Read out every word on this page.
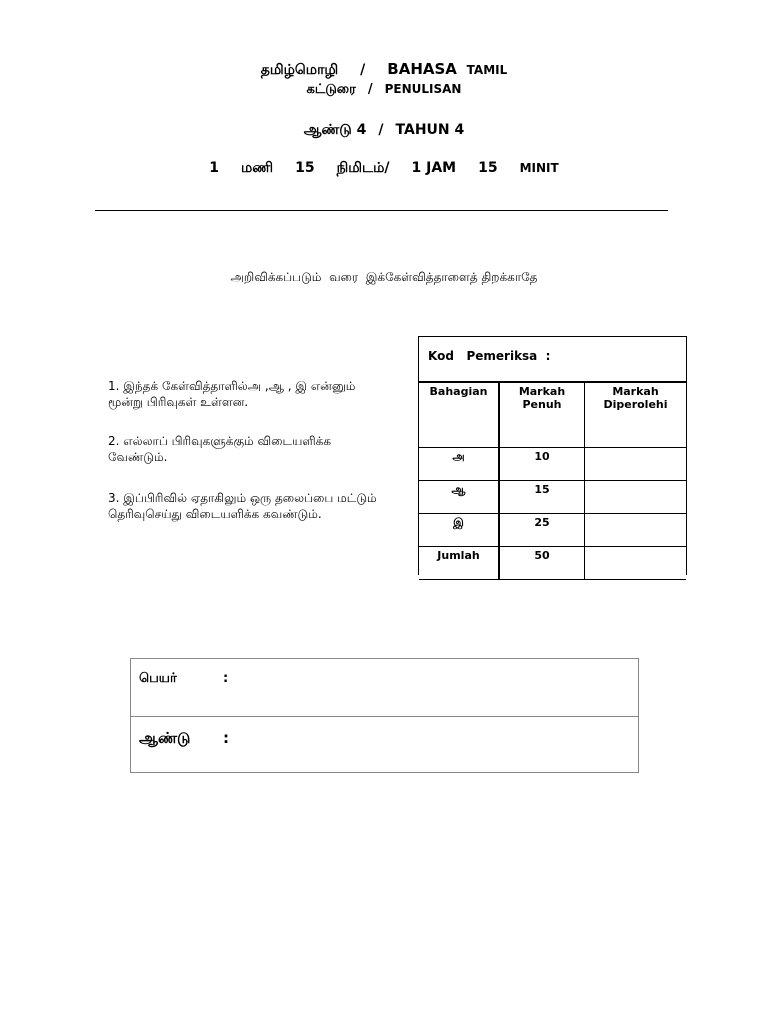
தமிழ்மொழி / BAHASA TAMIL
கட்டுரை / PENULISAN
ஆண்டு 4 / TAHUN 4
1 மணி 15 நிமிடம்/ 1 JAM 15 MINIT
அறிவிக்கப்படும்  வரை  இக்கேள்வித்தாளைத் திறக்காதே
1. இந்தக் கேள்வித்தாளில்அ ,ஆ , இ என்னும் மூன்று பிரிவுகள் உள்ளன.
2. எல்லாப் பிரிவுகளுக்கும் விடையளிக்க வேண்டும்.
3. இப்பிரிவில் ஏதாகிலும் ஒரு தலைப்பை மட்டும் தெரிவுசெய்து விடையளிக்க கவண்டும்.
Kod   Pemeriksa  :
Bahagian	Markah Penuh	Markah Diperolehi
அ	10	
ஆ	15	
இ	25	
Jumlah	50	
பெயர்	:
ஆண்டு :
